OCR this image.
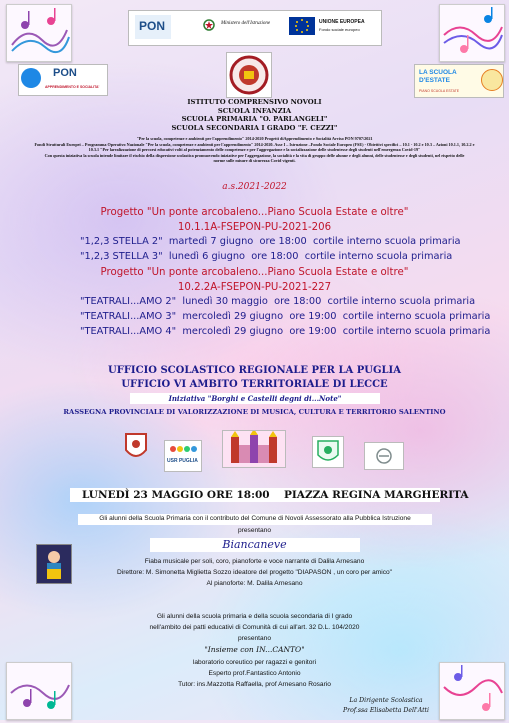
PON	Ministero dell'Istruzione	UNIONE EUROPEA
Fondo sociale europeo
PON
APPRENDIMENTO E SOCIALITA'
LA SCUOLA D'ESTATE
PIANO SCUOLA ESTATE
ISTITUTO COMPRENSIVO NOVOLI
SCUOLA INFANZIA
SCUOLA PRIMARIA "O. PARLANGELI"
SCUOLA SECONDARIA I GRADO "F. CEZZI"
"Per la scuola, competenze e ambienti per l'apprendimento" 2014-2020 Progetti diApprendimento e Socialità Avviso PON 9707/2021
Fondi Strutturali Europei – Programma Operativo Nazionale "Per la scuola, competenze e ambienti per l'apprendimento" 2014-2020. Asse I – Istruzione –Fondo Sociale Europeo (FSE) - Obiettivi specifici – 10.1 - 10.2 e 10.3 – Azioni 10.1.1, 10.2.2 e
10.3.1 "Per larealizzazione di percorsi educativi volti al potenziamento delle competenze e per l'aggregazione e la socializzazione delle studentesse degli studenti nell'emergenza Covid-19"
Con questa iniziativa la scuola intende limitare il rischio della dispersione scolastica promuovendo iniziative per l'aggregazione, la socialità e la vita di gruppo delle alunne e degli alunni, delle studentesse e degli studenti, nel rispetto delle
norme sulle misure di sicurezza Covid vigenti.
a.s.2021-2022
Progetto "Un ponte arcobaleno...Piano Scuola Estate e oltre"
10.1.1A-FSEPON-PU-2021-206
"1,2,3 STELLA 2" martedì 7 giugno ore 18:00 cortile interno scuola primaria
"1,2,3 STELLA 3" lunedì 6 giugno ore 18:00 cortile interno scuola primaria
Progetto "Un ponte arcobaleno...Piano Scuola Estate e oltre"
10.2.2A-FSEPON-PU-2021-227
"TEATRALI...AMO 2" lunedì 30 maggio ore 18:00 cortile interno scuola primaria
"TEATRALI...AMO 3" mercoledì 29 giugno ore 19:00 cortile interno scuola primaria
"TEATRALI...AMO 4" mercoledì 29 giugno ore 19:00 cortile interno scuola primaria
UFFICIO SCOLASTICO REGIONALE PER LA PUGLIA
UFFICIO VI AMBITO TERRITORIALE DI LECCE
Iniziativa "Borghi e Castelli degni di...Note"
RASSEGNA PROVINCIALE DI VALORIZZAZIONE DI MUSICA, CULTURA E TERRITORIO SALENTINO
USR PUGLIA
LUNEDÌ 23 MAGGIO ORE 18:00 PIAZZA REGINA MARGHERITA
Gli alunni della Scuola Primaria con il contributo del Comune di Novoli Assessorato alla Pubblica Istruzione
presentano
Biancaneve
Fiaba musicale per soli, coro, pianoforte e voce narrante di Dalila Arnesano
Direttore: M. Simonetta Miglietta Sozzo ideatore del progetto "DIAPASON , un coro per amico"
Al pianoforte: M. Dalila Arnesano
Gli alunni della scuola primaria e della scuola secondaria di I grado
nell'ambito dei patti educativi di Comunità di cui all'art. 32 D.L. 104/2020
presentano
"Insieme con IN...CANTO"
laboratorio coreutico per ragazzi e genitori
Esperto prof.Fantastico Antonio
Tutor: ins.Mazzotta Raffaella, prof Arnesano Rosario
La Dirigente Scolastica
Prof.ssa Elisabetta Dell'Atti
